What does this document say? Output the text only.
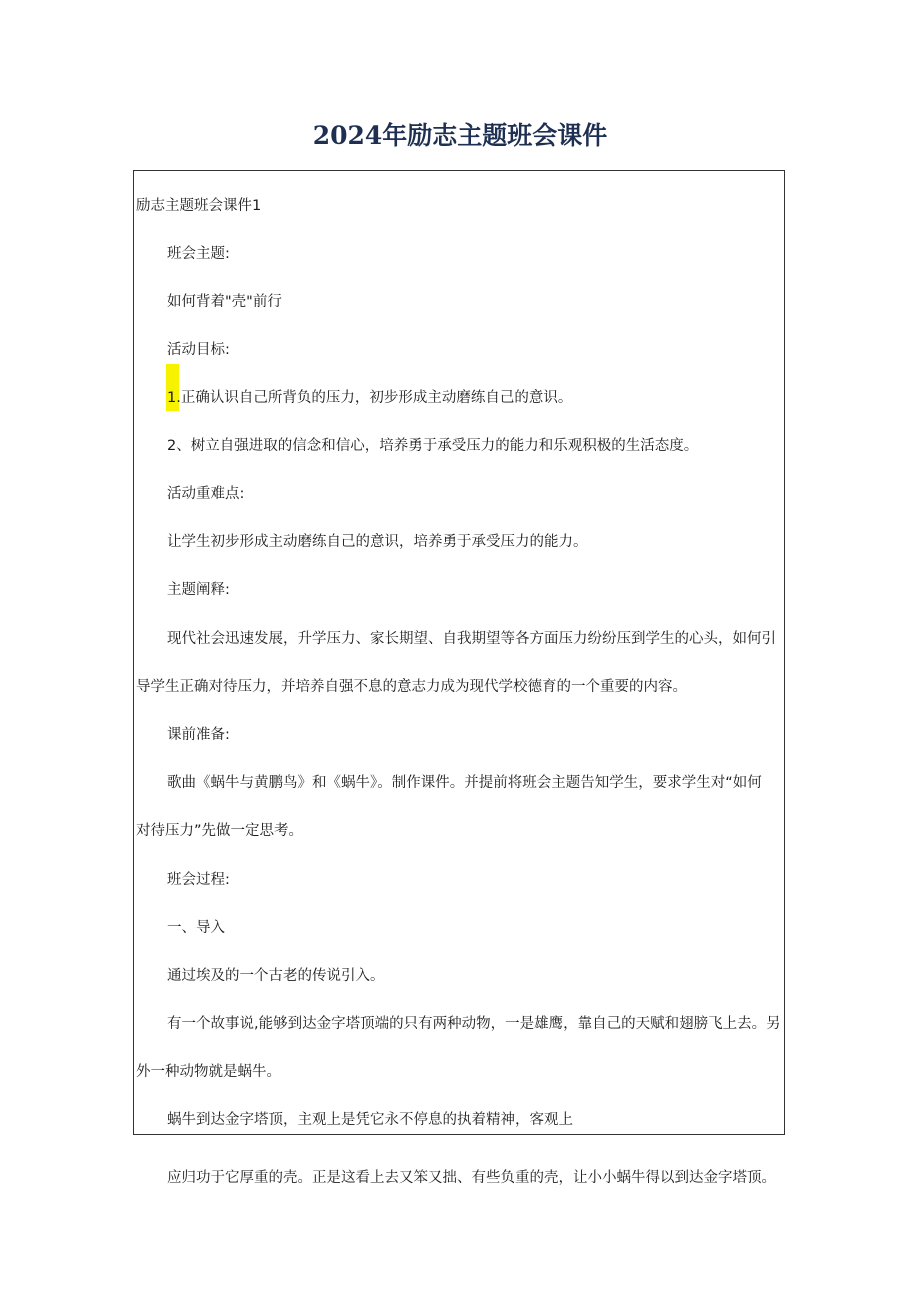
2024年励志主题班会课件
励志主题班会课件1
班会主题:
如何背着"壳"前行
活动目标:
1.正确认识自己所背负的压力，初步形成主动磨练自己的意识。
2、树立自强进取的信念和信心，培养勇于承受压力的能力和乐观积极的生活态度。
活动重难点:
让学生初步形成主动磨练自己的意识，培养勇于承受压力的能力。
主题阐释:
现代社会迅速发展，升学压力、家长期望、自我期望等各方面压力纷纷压到学生的心头，如何引
导学生正确对待压力，并培养自强不息的意志力成为现代学校德育的一个重要的内容。
课前准备:
歌曲《蜗牛与黄鹏鸟》和《蜗牛》。制作课件。并提前将班会主题告知学生，要求学生对“如何
对待压力”先做一定思考。
班会过程:
一、导入
通过埃及的一个古老的传说引入。
有一个故事说,能够到达金字塔顶端的只有两种动物，一是雄鹰，靠自己的天赋和翅膀飞上去。另
外一种动物就是蜗牛。
蜗牛到达金字塔顶，主观上是凭它永不停息的执着精神，客观上
应归功于它厚重的壳。正是这看上去又笨又拙、有些负重的壳，让小小蜗牛得以到达金字塔顶。
